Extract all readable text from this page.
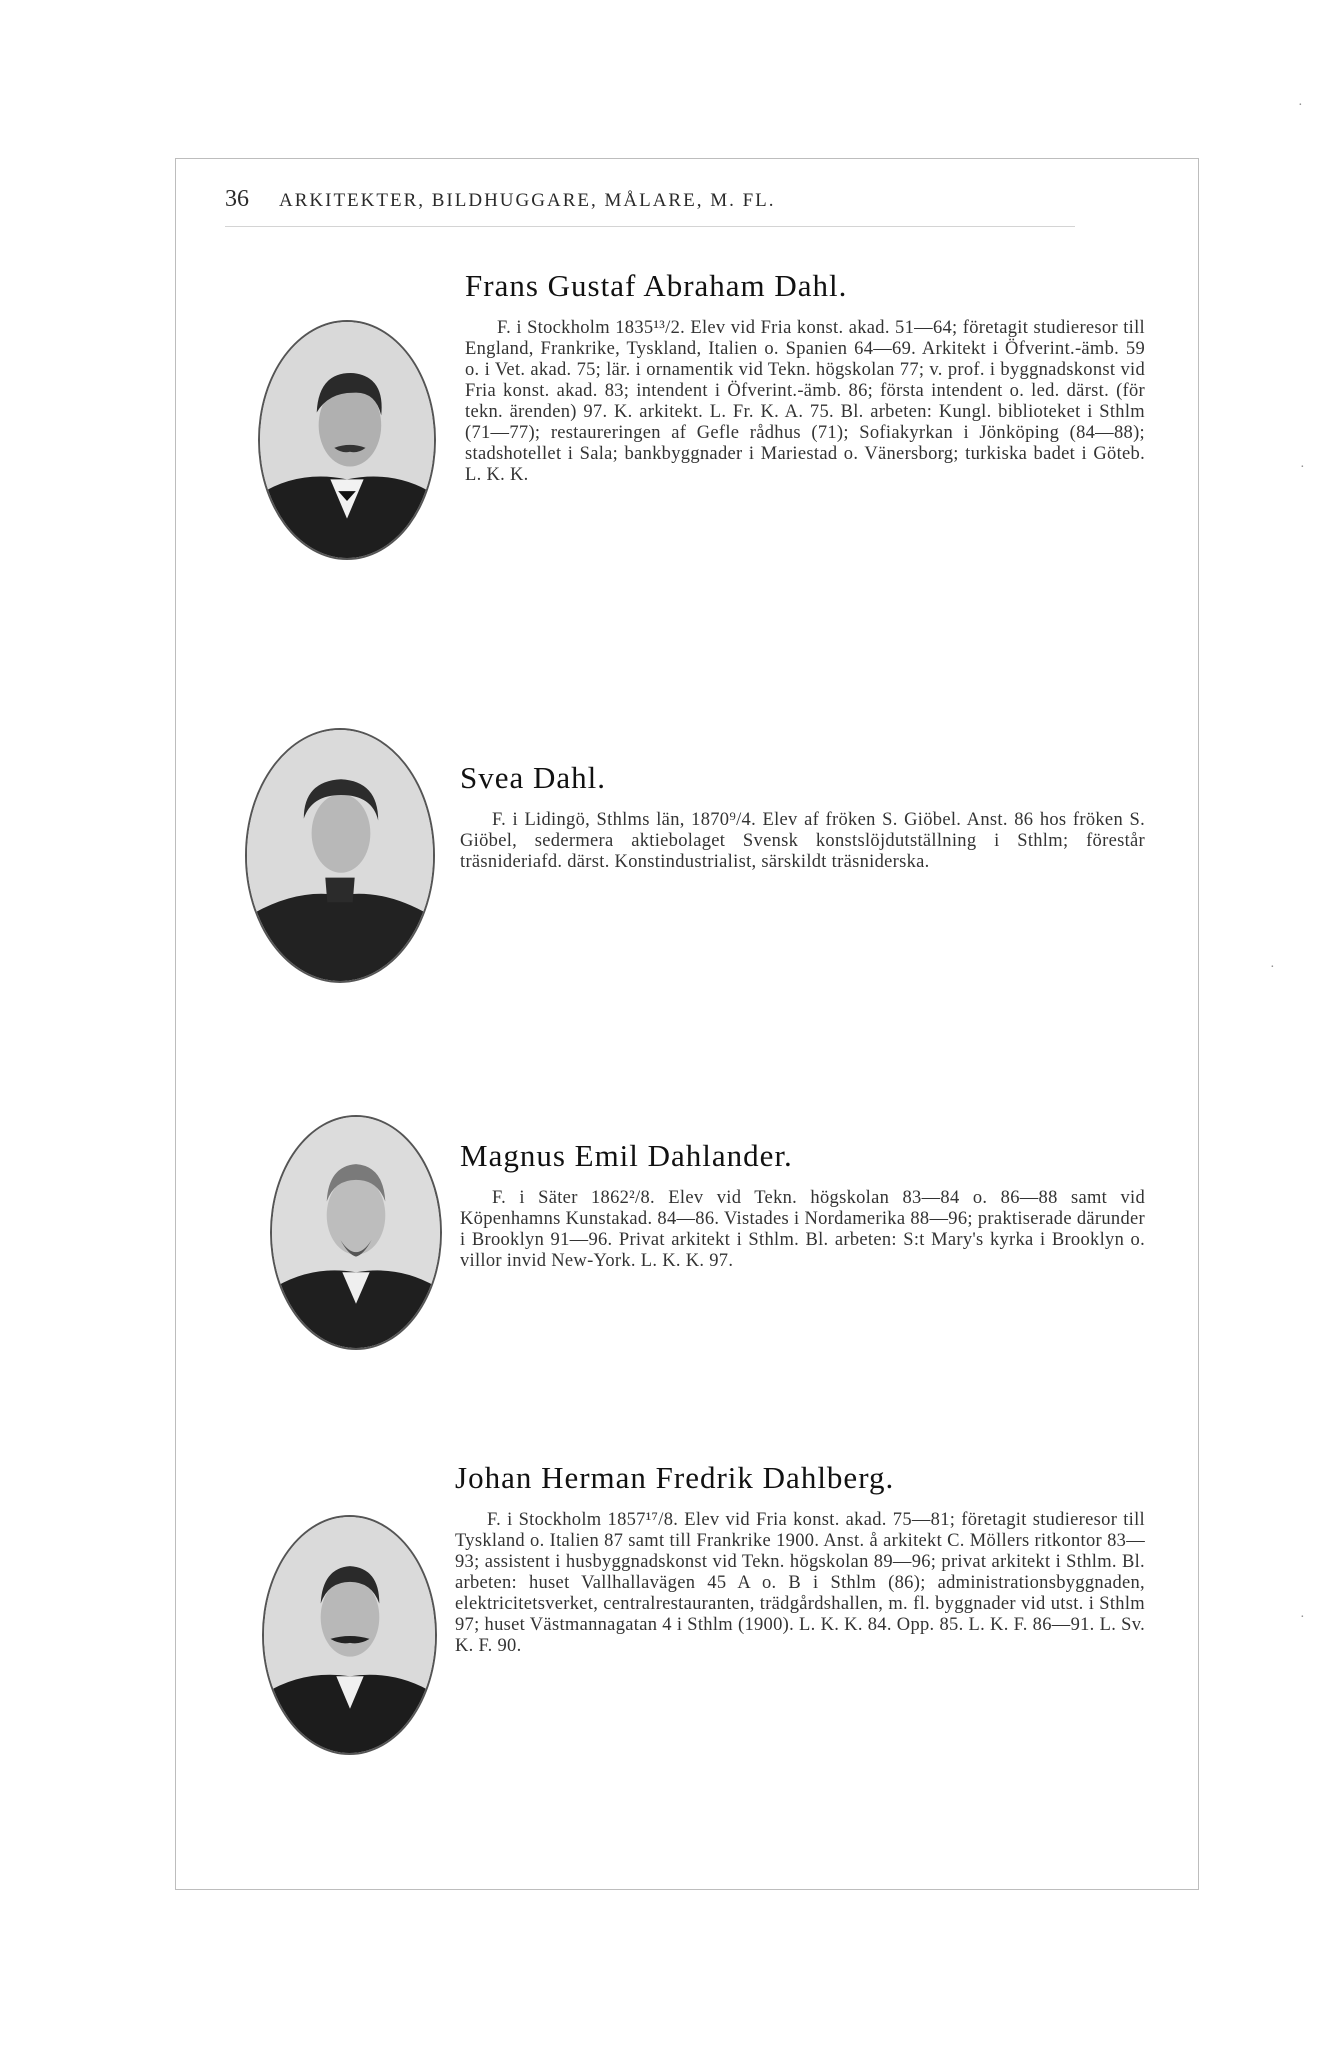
36 ARKITEKTER, BILDHUGGARE, MÅLARE, M. FL.
Frans Gustaf Abraham Dahl.

F. i Stockholm 1835¹³/2. Elev vid Fria konst. akad. 51—64; företagit studieresor till England, Frankrike, Tyskland, Italien o. Spanien 64—69. Arkitekt i Öfverint.-ämb. 59 o. i Vet. akad. 75; lär. i ornamentik vid Tekn. högskolan 77; v. prof. i byggnadskonst vid Fria konst. akad. 83; intendent i Öfverint.-ämb. 86; första intendent o. led. därst. (för tekn. ärenden) 97. K. arkitekt. L. Fr. K. A. 75. Bl. arbeten: Kungl. biblioteket i Sthlm (71—77); restaureringen af Gefle rådhus (71); Sofiakyrkan i Jönköping (84—88); stadshotellet i Sala; bankbyggnader i Mariestad o. Vänersborg; turkiska badet i Göteb. L. K. K.

Svea Dahl.

F. i Lidingö, Sthlms län, 1870⁹/4. Elev af fröken S. Giöbel. Anst. 86 hos fröken S. Giöbel, sedermera aktiebolaget Svensk konstslöjdutställning i Sthlm; förestår träsnideriafd. därst. Konstindustrialist, särskildt träsniderska.

Magnus Emil Dahlander.

F. i Säter 1862²/8. Elev vid Tekn. högskolan 83—84 o. 86—88 samt vid Köpenhamns Kunstakad. 84—86. Vistades i Nordamerika 88—96; praktiserade därunder i Brooklyn 91—96. Privat arkitekt i Sthlm. Bl. arbeten: S:t Mary's kyrka i Brooklyn o. villor invid New-York. L. K. K. 97.

Johan Herman Fredrik Dahlberg.

F. i Stockholm 1857¹⁷/8. Elev vid Fria konst. akad. 75—81; företagit studieresor till Tyskland o. Italien 87 samt till Frankrike 1900. Anst. å arkitekt C. Möllers ritkontor 83—93; assistent i husbyggnadskonst vid Tekn. högskolan 89—96; privat arkitekt i Sthlm. Bl. arbeten: huset Vallhallavägen 45 A o. B i Sthlm (86); administrationsbyggnaden, elektricitetsverket, centralrestauranten, trädgårdshallen, m. fl. byggnader vid utst. i Sthlm 97; huset Västmannagatan 4 i Sthlm (1900). L. K. K. 84. Opp. 85. L. K. F. 86—91. L. Sv. K. F. 90.

·
·
·
·
